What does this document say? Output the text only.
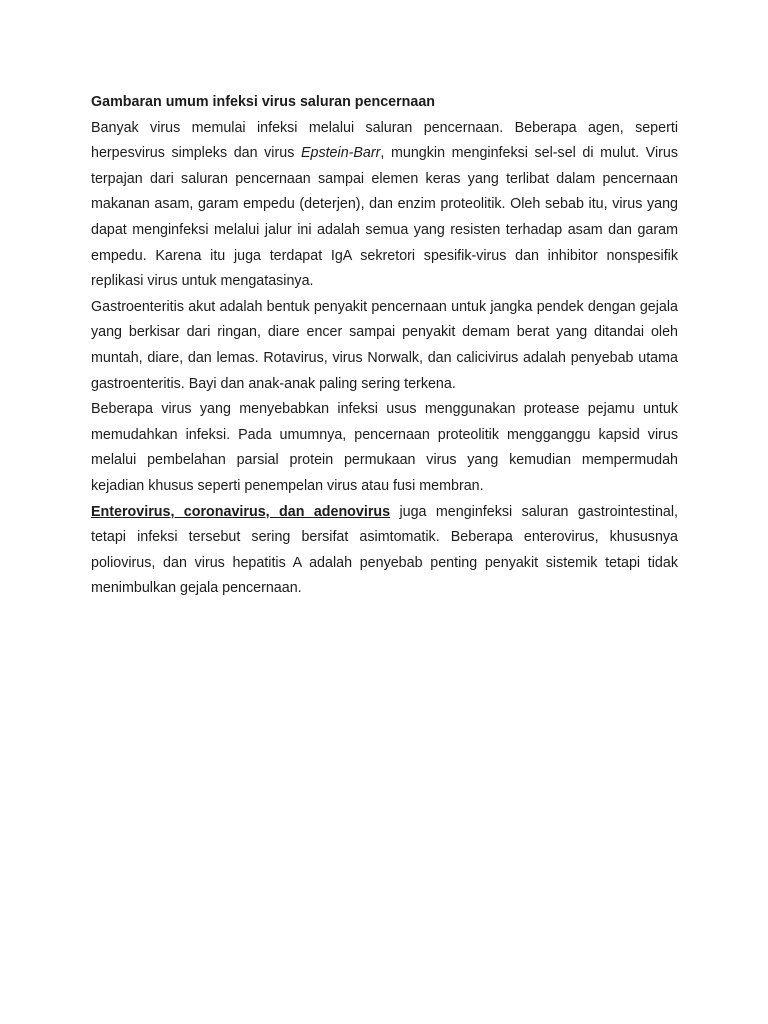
Gambaran umum infeksi virus saluran pencernaan

Banyak virus memulai infeksi melalui saluran pencernaan. Beberapa agen, seperti herpesvirus simpleks dan virus Epstein-Barr, mungkin menginfeksi sel-sel di mulut. Virus terpajan dari saluran pencernaan sampai elemen keras yang terlibat dalam pencernaan makanan asam, garam empedu (deterjen), dan enzim proteolitik. Oleh sebab itu, virus yang dapat menginfeksi melalui jalur ini adalah semua yang resisten terhadap asam dan garam empedu. Karena itu juga terdapat IgA sekretori spesifik-virus dan inhibitor nonspesifik replikasi virus untuk mengatasinya.

Gastroenteritis akut adalah bentuk penyakit pencernaan untuk jangka pendek dengan gejala yang berkisar dari ringan, diare encer sampai penyakit demam berat yang ditandai oleh muntah, diare, dan lemas. Rotavirus, virus Norwalk, dan calicivirus adalah penyebab utama gastroenteritis. Bayi dan anak-anak paling sering terkena.

Beberapa virus yang menyebabkan infeksi usus menggunakan protease pejamu untuk memudahkan infeksi. Pada umumnya, pencernaan proteolitik mengganggu kapsid virus melalui pembelahan parsial protein permukaan virus yang kemudian mempermudah kejadian khusus seperti penempelan virus atau fusi membran.

Enterovirus, coronavirus, dan adenovirus juga menginfeksi saluran gastrointestinal, tetapi infeksi tersebut sering bersifat asimtomatik. Beberapa enterovirus, khususnya poliovirus, dan virus hepatitis A adalah penyebab penting penyakit sistemik tetapi tidak menimbulkan gejala pencernaan.
